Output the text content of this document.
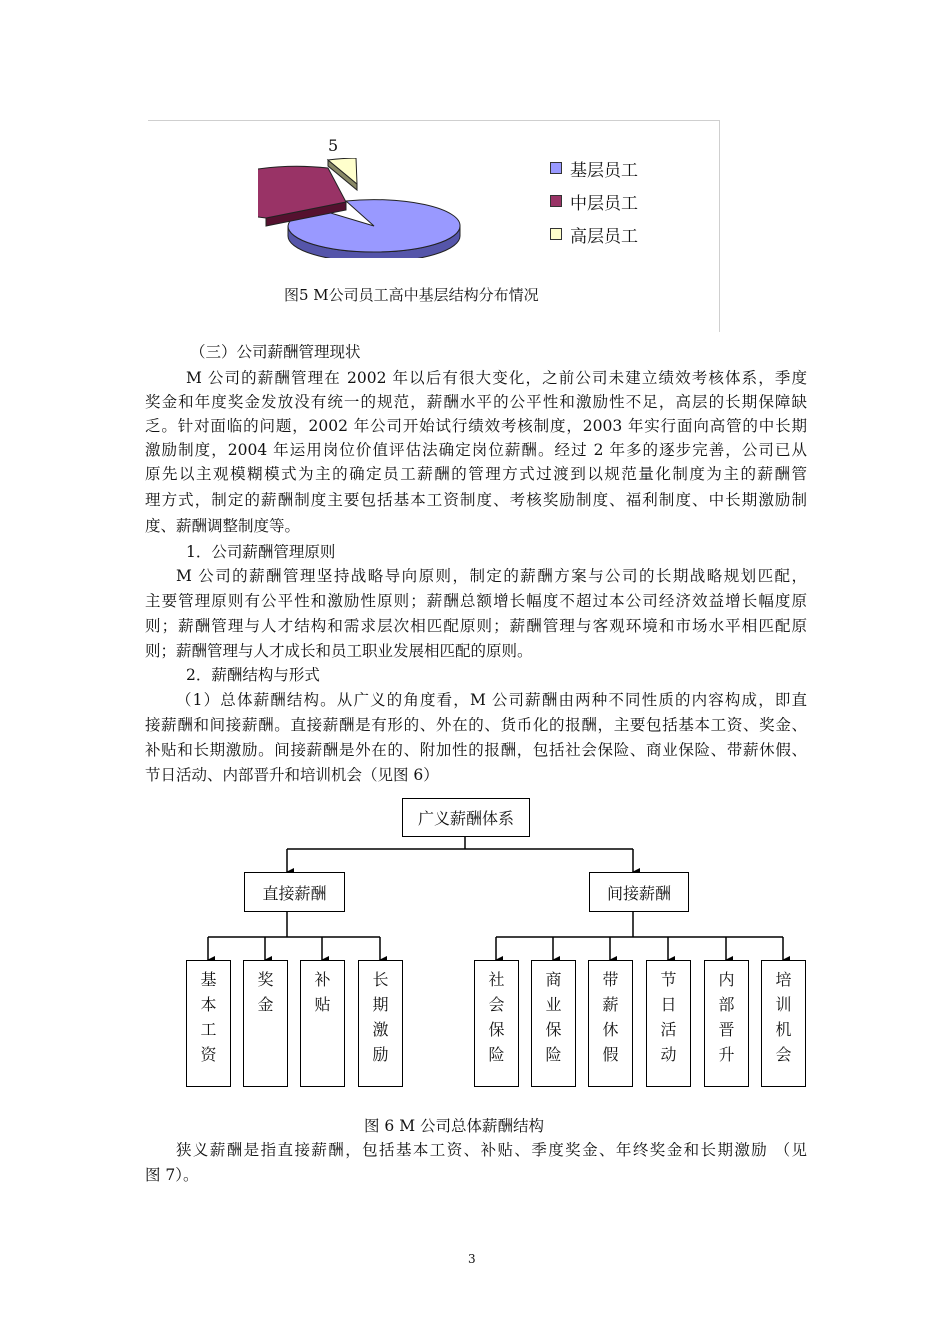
5
基层员工
中层员工
高层员工
图5 M公司员工高中基层结构分布情况
（三）公司薪酬管理现状
M 公司的薪酬管理在 2002 年以后有很大变化，之前公司未建立绩效考核体系，季度
奖金和年度奖金发放没有统一的规范，薪酬水平的公平性和激励性不足，高层的长期保障缺
乏。针对面临的问题，2002 年公司开始试行绩效考核制度，2003 年实行面向高管的中长期
激励制度，2004 年运用岗位价值评估法确定岗位薪酬。经过 2 年多的逐步完善，公司已从
原先以主观模糊模式为主的确定员工薪酬的管理方式过渡到以规范量化制度为主的薪酬管
理方式，制定的薪酬制度主要包括基本工资制度、考核奖励制度、福利制度、中长期激励制
度、薪酬调整制度等。
1．公司薪酬管理原则
M 公司的薪酬管理坚持战略导向原则，制定的薪酬方案与公司的长期战略规划匹配，
主要管理原则有公平性和激励性原则；薪酬总额增长幅度不超过本公司经济效益增长幅度原
则；薪酬管理与人才结构和需求层次相匹配原则；薪酬管理与客观环境和市场水平相匹配原
则；薪酬管理与人才成长和员工职业发展相匹配的原则。
2．薪酬结构与形式
（1）总体薪酬结构。从广义的角度看，M 公司薪酬由两种不同性质的内容构成，即直
接薪酬和间接薪酬。直接薪酬是有形的、外在的、货币化的报酬，主要包括基本工资、奖金、
补贴和长期激励。间接薪酬是外在的、附加性的报酬，包括社会保险、商业保险、带薪休假、
节日活动、内部晋升和培训机会（见图 6）
广义薪酬体系
直接薪酬	间接薪酬
基
本
工
资
奖
金
补
贴
长
期
激
励
社
会
保
险
商
业
保
险
带
薪
休
假
节
日
活
动
内
部
晋
升
培
训
机
会
图 6 M 公司总体薪酬结构
狭义薪酬是指直接薪酬，包括基本工资、补贴、季度奖金、年终奖金和长期激励 （见
图 7）。
3
